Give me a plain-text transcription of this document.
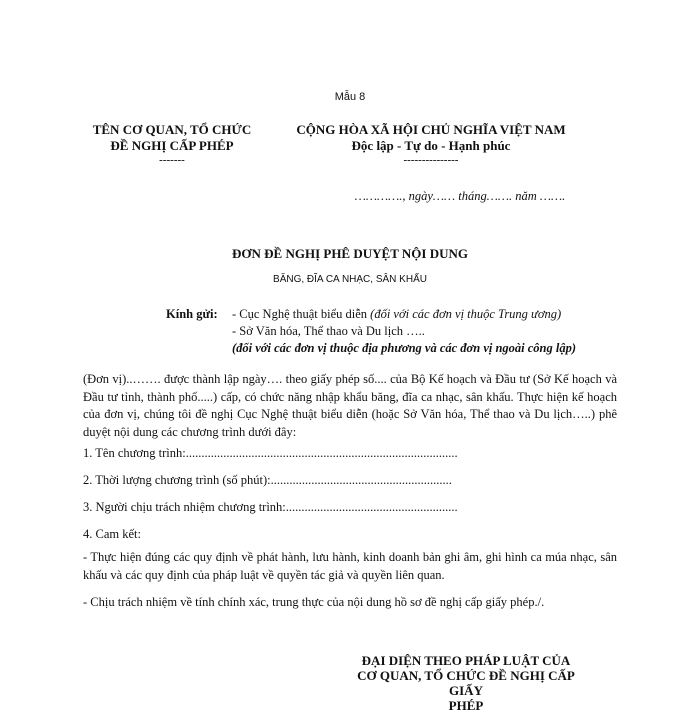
Mẫu 8
TÊN CƠ QUAN, TỔ CHỨC
ĐỀ NGHỊ CẤP PHÉP
-------
CỘNG HÒA XÃ HỘI CHỦ NGHĨA VIỆT NAM
Độc lập - Tự do - Hạnh phúc
---------------
…………., ngày…… tháng……. năm …….
ĐƠN ĐỀ NGHỊ PHÊ DUYỆT NỘI DUNG
BĂNG, ĐĨA CA NHẠC, SÂN KHẤU
Kính gửi: - Cục Nghệ thuật biểu diễn (đối với các đơn vị thuộc Trung ương)
- Sở Văn hóa, Thể thao và Du lịch …..
(đối với các đơn vị thuộc địa phương và các đơn vị ngoài công lập)
(Đơn vị)..……. được thành lập ngày…. theo giấy phép số.... của Bộ Kế hoạch và Đầu tư (Sở Kế hoạch và Đầu tư tỉnh, thành phố.....) cấp, có chức năng nhập khẩu băng, đĩa ca nhạc, sân khấu. Thực hiện kế hoạch của đơn vị, chúng tôi đề nghị Cục Nghệ thuật biểu diễn (hoặc Sở Văn hóa, Thể thao và Du lịch…..) phê duyệt nội dung các chương trình dưới đây:
1. Tên chương trình:.......................................................................................
2. Thời lượng chương trình (số phút):..........................................................
3. Người chịu trách nhiệm chương trình:.......................................................
4. Cam kết:
- Thực hiện đúng các quy định về phát hành, lưu hành, kinh doanh bản ghi âm, ghi hình ca múa nhạc, sân khấu và các quy định của pháp luật về quyền tác giả và quyền liên quan.
- Chịu trách nhiệm về tính chính xác, trung thực của nội dung hồ sơ đề nghị cấp giấy phép./.
ĐẠI DIỆN THEO PHÁP LUẬT CỦA
CƠ QUAN, TỔ CHỨC ĐỀ NGHỊ CẤP GIẤY
PHÉP
